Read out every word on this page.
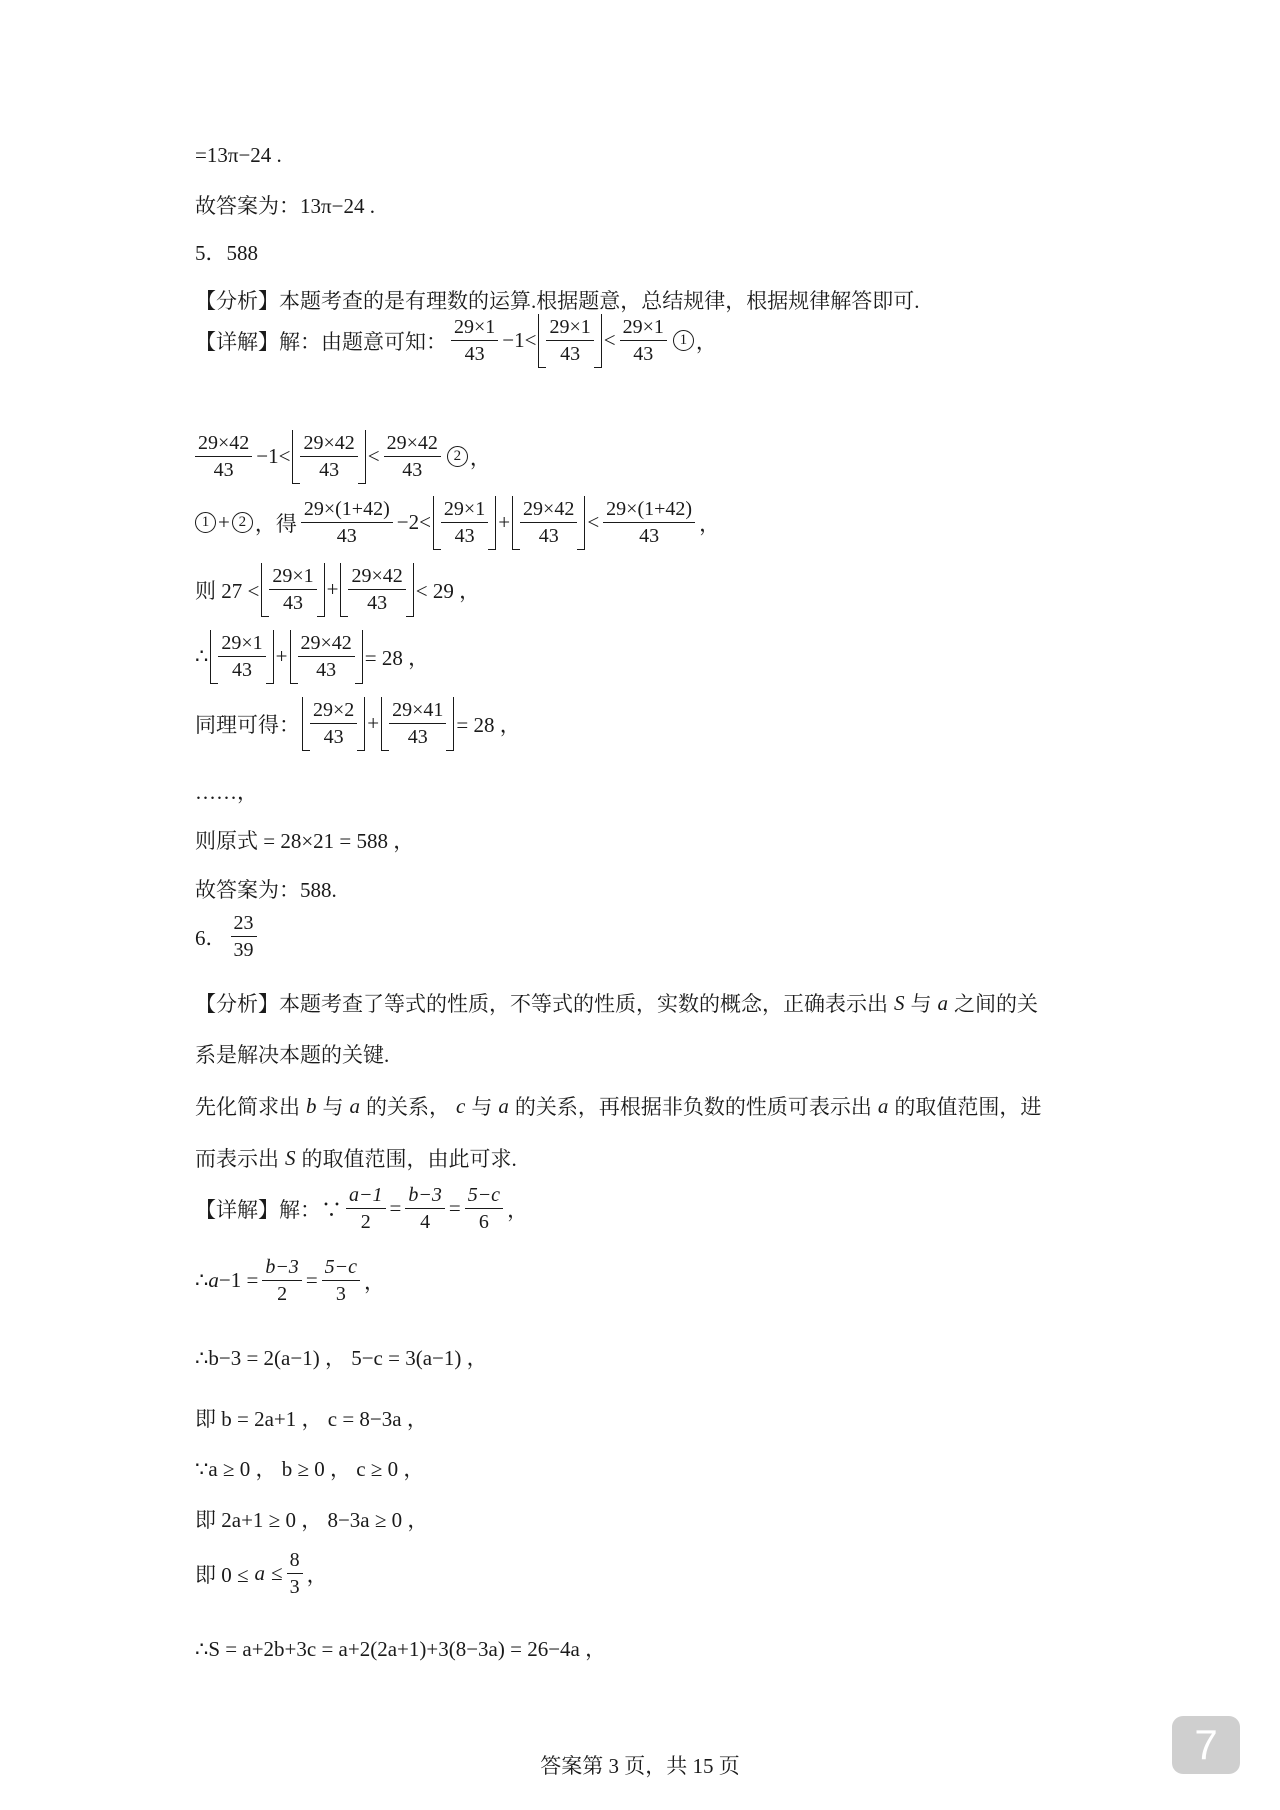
=13π−24 .
故答案为：13π−24 .
5．588
【分析】本题考查的是有理数的运算.根据题意，总结规律，根据规律解答即可.
【详解】解：由题意可知： $\frac{29\times 1}{43} -1< \frac{29\times 1}{43} < \frac{29\times 1}{43} 1$ ，
$\frac{29\times 42}{43} -1< \frac{29\times 42}{43} < \frac{29\times 42}{43} 2$ ，
1 + 2 ，得 $\frac{29\times(1+42)}{43} -2< \frac{29\times 1}{43} + \frac{29\times 42}{43} < \frac{29\times(1+42)}{43}$ ，
则 $27 < \frac{29\times 1}{43} + \frac{29\times 42}{43} < 29$ ，
∴ $\frac{29\times 1}{43} + \frac{29\times 42}{43} = 28$ ，
同理可得： $\frac{29\times 2}{43} + \frac{29\times 41}{43} = 28$ ，
……，
则原式 = 28×21 = 588 ，
故答案为：588.
6． $\frac{23}{39}$
【分析】本题考查了等式的性质，不等式的性质，实数的概念，正确表示出 S 与 a 之间的关
系是解决本题的关键.
先化简求出 b 与 a 的关系， c 与 a 的关系，再根据非负数的性质可表示出 a 的取值范围，进
而表示出 S 的取值范围，由此可求.
【详解】解：∵ $\frac{a-1}{2} = \frac{b-3}{4} = \frac{5-c}{6}$ ，
∴ $a -1 = \frac{b-3}{2} = \frac{5-c}{3}$ ，
∴b−3 = 2(a−1) ， 5−c = 3(a−1) ，
即 b = 2a+1 ， c = 8−3a ，
∵a ≥ 0 ， b ≥ 0 ， c ≥ 0 ，
即 2a+1 ≥ 0 ， 8−3a ≥ 0 ，
即 $0 \le a \le \frac{8}{3}$ ，
∴S = a+2b+3c = a+2(2a+1)+3(8−3a) = 26−4a ，
答案第 3 页，共 15 页	7
